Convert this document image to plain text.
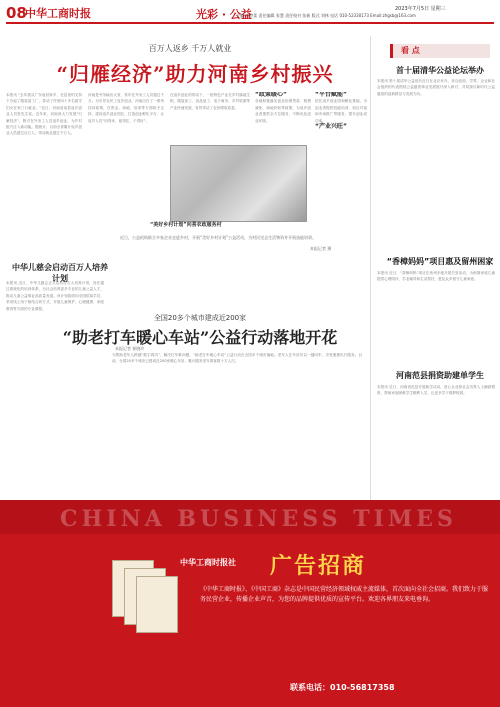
08
中华工商时报	光彩 · 公益
主编 李世柔 责任编辑 张慧 责任校对 张新 版式 刘林 电话 010-52330173 Email:zhgsb@163.com
2023年7月5日 星期三
百万人返乡 千万人就业
“归雁经济”助力河南乡村振兴
本报讯 “去年我从广东返回家乡，在县里的支持下办起了服装加工厂，带动了村里四十多名留守妇女在家门口就业。”近日，河南省某县返乡创业人员张先生说。近年来，河南省大力发展“归雁经济”，吸引在外务工人员返乡创业，为乡村振兴注入新动能。据统计，目前全省累计返乡创业人员超过百万人，带动就业超过千万人。
河南是劳务输出大省，常年在外务工人员超过千万。为引导农民工返乡创业，河南出台了一系列扶持政策，在资金、场地、培训等方面给予支持，建设返乡创业园区，打造创业孵化平台，让返乡人员“回得来、留得住、干得好”。
在返乡创业的带动下，一批特色产业在乡村落地生根，服装加工、食品加工、电子商务、乡村旅游等产业快速发展，有效带动了农民增收致富。
“政策暖心”
各地积极落实创业担保贷款、税费减免、场地补贴等政策，为返乡创业者提供全方位服务，不断优化创业环境。
“平台赋能”
依托返乡创业园和孵化基地，为创业者提供技能培训、项目对接和市场推广等服务，提升创业成功率。
“产业兴旺”
中华儿慈会启动百万人培养计划
本报讯 近日，中华儿慈会正式启动百万人培养计划，旨在通过系统化的培训体系，为社会培养更多专业的儿童公益人才，推动儿童公益事业高质量发展。该计划将面向全国招募学员，采用线上线下相结合的方式，开展儿童保护、心理健康、家庭教育等方面的专业课程。
“美好乡村计划”向菩农政服务村
近日，公益机构联合多家企业走进乡村，开展“美好乡村计划”公益活动，为村民送去生活物资并开展技能培训。
本报记者 摄
全国20多个城市建成近200家
“助老打车暖心车站”公益行动落地开花
本报记者 崔晓玲
为帮助老年人跨越“数字鸿沟”，解决打车难问题，“助老打车暖心车站”公益行动在全国多个城市落地。老年人在车站可以一键叫车，享受便捷出行服务。目前，全国20多个城市已建成近200家暖心车站，累计服务老年乘客数十万人次。
看 点
首十届清华公益论坛举办
本报讯 第十届清华公益论坛近日在北京举办，来自政府、学界、企业和社会组织的代表围绕公益慈善事业发展展开深入研讨，共同探讨新时代公益慈善的创新路径与发展方向。
“香樟妈妈”项目惠及留州困家
本报讯 近日，“香樟妈妈”项目在贵州多地开展关爱活动，为困境家庭儿童提供心理陪伴、学业辅导和生活帮扶，惠及众多留守儿童家庭。
河南范县捐资助建单学生
本报讯 近日，河南省范县开展助学活动，爱心企业和社会各界人士踊跃捐资，帮助家庭困难学生顺利入学，让更多学子圆梦校园。
CHINA BUSINESS TIMES
中华工商时报社 广告招商
《中华工商时报》、《中国工商》杂志是中国民营经济领域权威主流媒体，首次面向全社会招商。我们致力于服务民营企业，传播企业声音，为您的品牌提供优质的宣传平台。欢迎各界朋友来电垂询。
联系电话：010-56817358
